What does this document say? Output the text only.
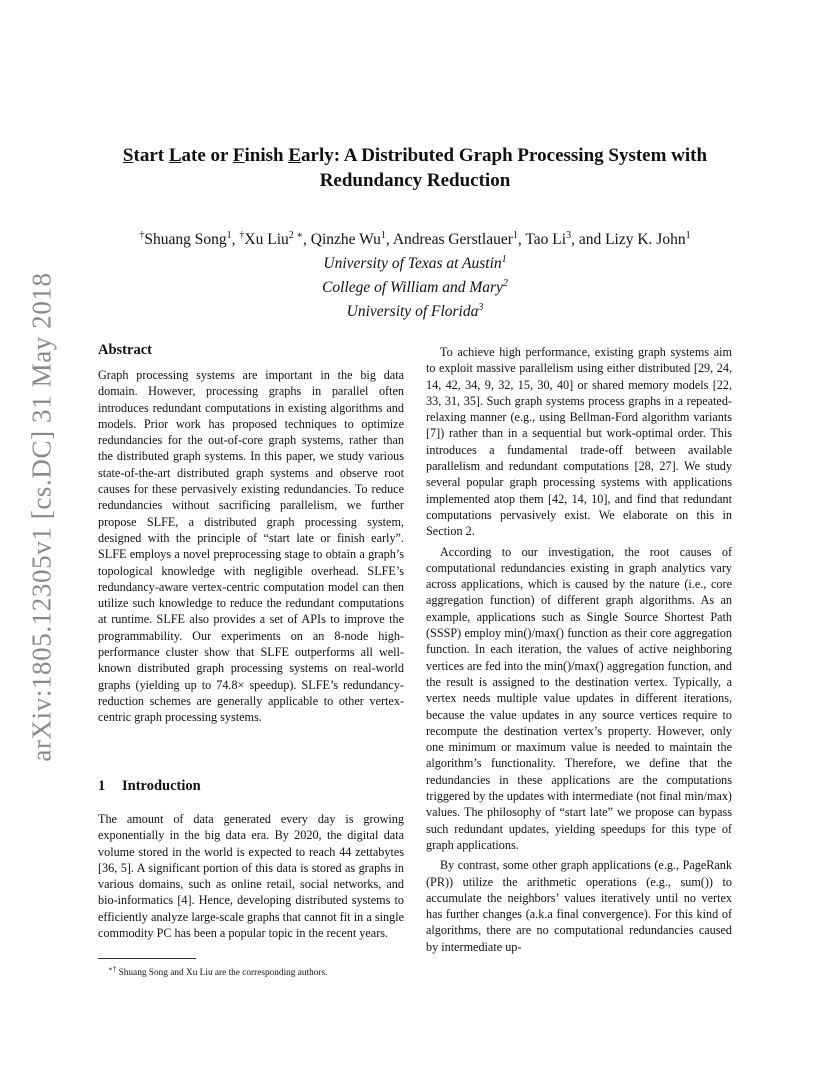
arXiv:1805.12305v1 [cs.DC] 31 May 2018
Start Late or Finish Early: A Distributed Graph Processing System with
Redundancy Reduction
†Shuang Song$^1$, †Xu Liu$^{2 ∗}$, Qinzhe Wu$^1$, Andreas Gerstlauer$^1$, Tao Li$^3$, and Lizy K. John$^1$
University of Texas at Austin$^1$
College of William and Mary$^2$
University of Florida$^3$
Abstract

Graph processing systems are important in the big data domain. However, processing graphs in parallel often introduces redundant computations in existing algorithms and models. Prior work has proposed techniques to optimize redundancies for the out-of-core graph systems, rather than the distributed graph systems. In this paper, we study various state-of-the-art distributed graph systems and observe root causes for these pervasively existing redundancies. To reduce redundancies without sacrificing parallelism, we further propose SLFE, a distributed graph processing system, designed with the principle of “start late or finish early”. SLFE employs a novel preprocessing stage to obtain a graph’s topological knowledge with negligible overhead. SLFE’s redundancy-aware vertex-centric computation model can then utilize such knowledge to reduce the redundant computations at runtime. SLFE also provides a set of APIs to improve the programmability. Our experiments on an 8-node high-performance cluster show that SLFE outperforms all well-known distributed graph processing systems on real-world graphs (yielding up to 74.8× speedup). SLFE’s redundancy-reduction schemes are generally applicable to other vertex-centric graph processing systems.

1 Introduction

The amount of data generated every day is growing exponentially in the big data era. By 2020, the digital data volume stored in the world is expected to reach 44 zettabytes [36, 5]. A significant portion of this data is stored as graphs in various domains, such as online retail, social networks, and bio-informatics [4]. Hence, developing distributed systems to efficiently analyze large-scale graphs that cannot fit in a single commodity PC has been a popular topic in the recent years.

To achieve high performance, existing graph systems aim to exploit massive parallelism using either distributed [29, 24, 14, 42, 34, 9, 32, 15, 30, 40] or shared memory models [22, 33, 31, 35]. Such graph systems process graphs in a repeated-relaxing manner (e.g., using Bellman-Ford algorithm variants [7]) rather than in a sequential but work-optimal order. This introduces a fundamental trade-off between available parallelism and redundant computations [28, 27]. We study several popular graph processing systems with applications implemented atop them [42, 14, 10], and find that redundant computations pervasively exist. We elaborate on this in Section 2.

According to our investigation, the root causes of computational redundancies existing in graph analytics vary across applications, which is caused by the nature (i.e., core aggregation function) of different graph algorithms. As an example, applications such as Single Source Shortest Path (SSSP) employ min()/max() function as their core aggregation function. In each iteration, the values of active neighboring vertices are fed into the min()/max() aggregation function, and the result is assigned to the destination vertex. Typically, a vertex needs multiple value updates in different iterations, because the value updates in any source vertices require to recompute the destination vertex’s property. However, only one minimum or maximum value is needed to maintain the algorithm’s functionality. Therefore, we define that the redundancies in these applications are the computations triggered by the updates with intermediate (not final min/max) values. The philosophy of “start late” we propose can bypass such redundant updates, yielding speedups for this type of graph applications.

By contrast, some other graph applications (e.g., PageRank (PR)) utilize the arithmetic operations (e.g., sum()) to accumulate the neighbors’ values iteratively until no vertex has further changes (a.k.a final convergence). For this kind of algorithms, there are no computational redundancies caused by intermediate up-

∗† Shuang Song and Xu Liu are the corresponding authors.
